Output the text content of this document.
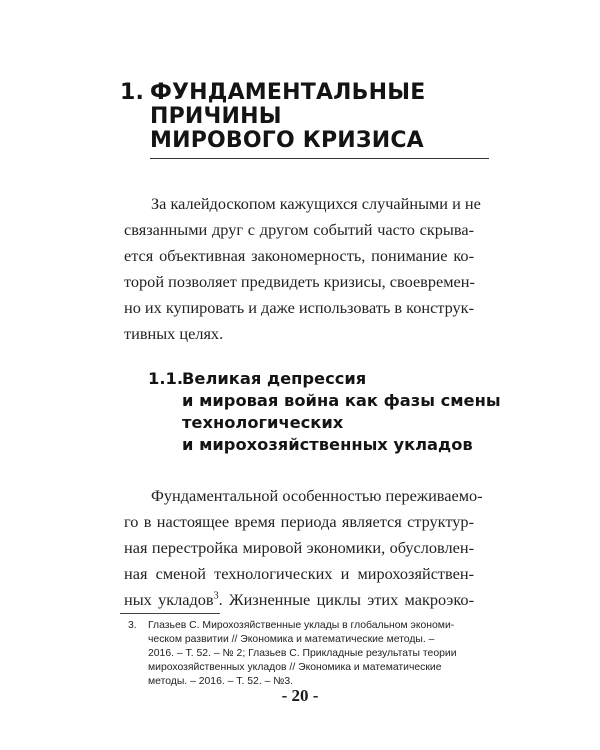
1. ФУНДАМЕНТАЛЬНЫЕ
ПРИЧИНЫ
МИРОВОГО КРИЗИСА

За калейдоскопом кажущихся случайными и не
связанными друг с другом событий часто скрыва-
ется объективная закономерность, понимание ко-
торой позволяет предвидеть кризисы, своевремен-
но их купировать и даже использовать в конструк-
тивных целях.

1.1.
Великая депрессия
и мировая война как фазы смены
технологических
и мирохозяйственных укладов

Фундаментальной особенностью переживаемо-
го в настоящее время периода является структур-
ная перестройка мировой экономики, обусловлен-
ная сменой технологических и мирохозяйствен-
ных укладов$^3$. Жизненные циклы этих макроэко-

3. Глазьев С. Мирохозяйственные уклады в глобальном экономи-
ческом развитии // Экономика и математические методы. –
2016. – Т. 52. – № 2; Глазьев С. Прикладные результаты теории
мирохозяйственных укладов // Экономика и математические
методы. – 2016. – Т. 52. – №3.
- 20 -
